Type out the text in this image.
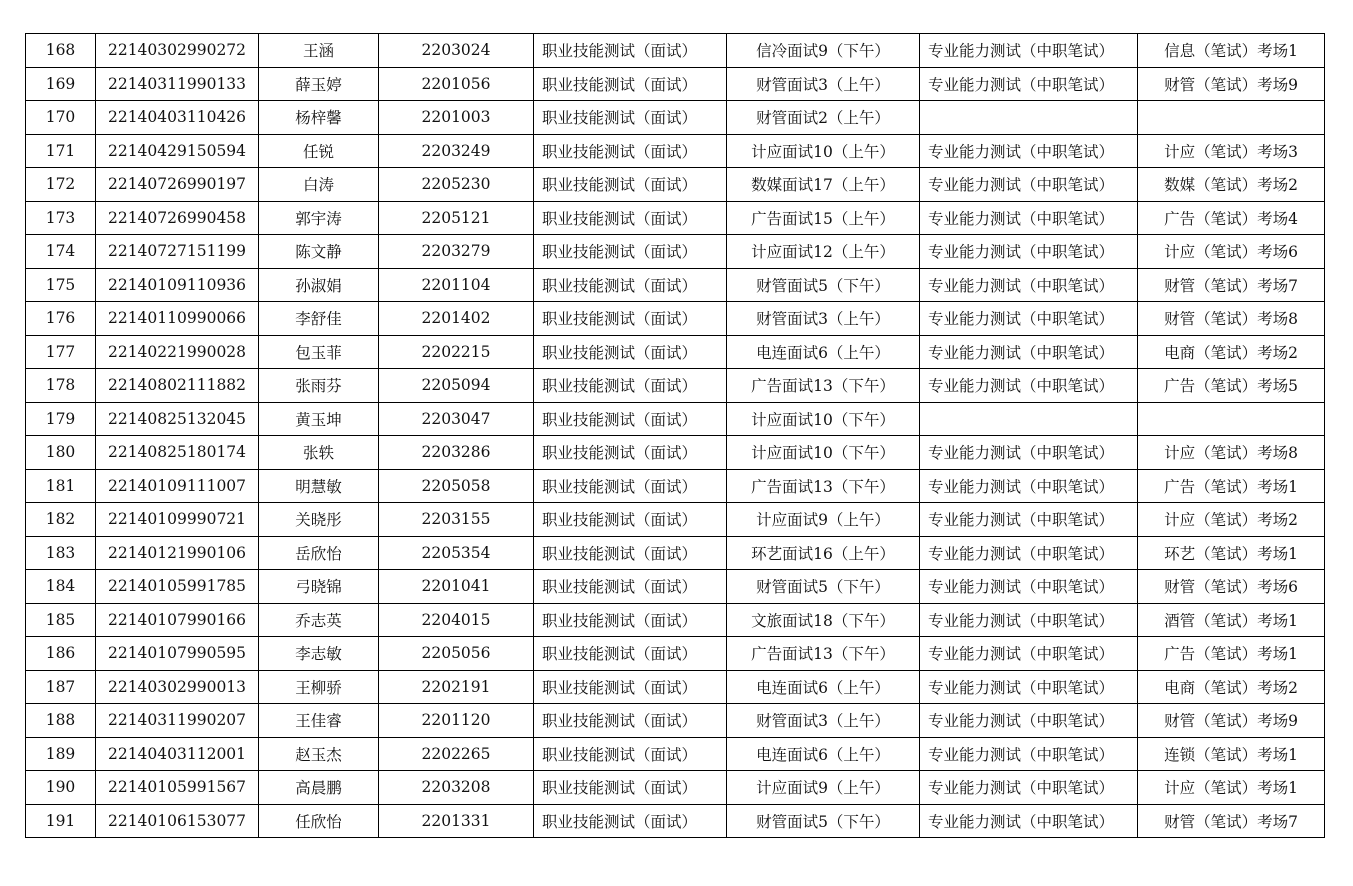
168	22140302990272	王涵	2203024	职业技能测试（面试）	信冷面试9（下午）	专业能力测试（中职笔试）	信息（笔试）考场1
169	22140311990133	薛玉婷	2201056	职业技能测试（面试）	财管面试3（上午）	专业能力测试（中职笔试）	财管（笔试）考场9
170	22140403110426	杨梓馨	2201003	职业技能测试（面试）	财管面试2（上午）		
171	22140429150594	任锐	2203249	职业技能测试（面试）	计应面试10（上午）	专业能力测试（中职笔试）	计应（笔试）考场3
172	22140726990197	白涛	2205230	职业技能测试（面试）	数媒面试17（上午）	专业能力测试（中职笔试）	数媒（笔试）考场2
173	22140726990458	郭宇涛	2205121	职业技能测试（面试）	广告面试15（上午）	专业能力测试（中职笔试）	广告（笔试）考场4
174	22140727151199	陈文静	2203279	职业技能测试（面试）	计应面试12（上午）	专业能力测试（中职笔试）	计应（笔试）考场6
175	22140109110936	孙淑娟	2201104	职业技能测试（面试）	财管面试5（下午）	专业能力测试（中职笔试）	财管（笔试）考场7
176	22140110990066	李舒佳	2201402	职业技能测试（面试）	财管面试3（上午）	专业能力测试（中职笔试）	财管（笔试）考场8
177	22140221990028	包玉菲	2202215	职业技能测试（面试）	电连面试6（上午）	专业能力测试（中职笔试）	电商（笔试）考场2
178	22140802111882	张雨芬	2205094	职业技能测试（面试）	广告面试13（下午）	专业能力测试（中职笔试）	广告（笔试）考场5
179	22140825132045	黄玉坤	2203047	职业技能测试（面试）	计应面试10（下午）		
180	22140825180174	张轶	2203286	职业技能测试（面试）	计应面试10（下午）	专业能力测试（中职笔试）	计应（笔试）考场8
181	22140109111007	明慧敏	2205058	职业技能测试（面试）	广告面试13（下午）	专业能力测试（中职笔试）	广告（笔试）考场1
182	22140109990721	关晓彤	2203155	职业技能测试（面试）	计应面试9（上午）	专业能力测试（中职笔试）	计应（笔试）考场2
183	22140121990106	岳欣怡	2205354	职业技能测试（面试）	环艺面试16（上午）	专业能力测试（中职笔试）	环艺（笔试）考场1
184	22140105991785	弓晓锦	2201041	职业技能测试（面试）	财管面试5（下午）	专业能力测试（中职笔试）	财管（笔试）考场6
185	22140107990166	乔志英	2204015	职业技能测试（面试）	文旅面试18（下午）	专业能力测试（中职笔试）	酒管（笔试）考场1
186	22140107990595	李志敏	2205056	职业技能测试（面试）	广告面试13（下午）	专业能力测试（中职笔试）	广告（笔试）考场1
187	22140302990013	王柳骄	2202191	职业技能测试（面试）	电连面试6（上午）	专业能力测试（中职笔试）	电商（笔试）考场2
188	22140311990207	王佳睿	2201120	职业技能测试（面试）	财管面试3（上午）	专业能力测试（中职笔试）	财管（笔试）考场9
189	22140403112001	赵玉杰	2202265	职业技能测试（面试）	电连面试6（上午）	专业能力测试（中职笔试）	连锁（笔试）考场1
190	22140105991567	高晨鹏	2203208	职业技能测试（面试）	计应面试9（上午）	专业能力测试（中职笔试）	计应（笔试）考场1
191	22140106153077	任欣怡	2201331	职业技能测试（面试）	财管面试5（下午）	专业能力测试（中职笔试）	财管（笔试）考场7
